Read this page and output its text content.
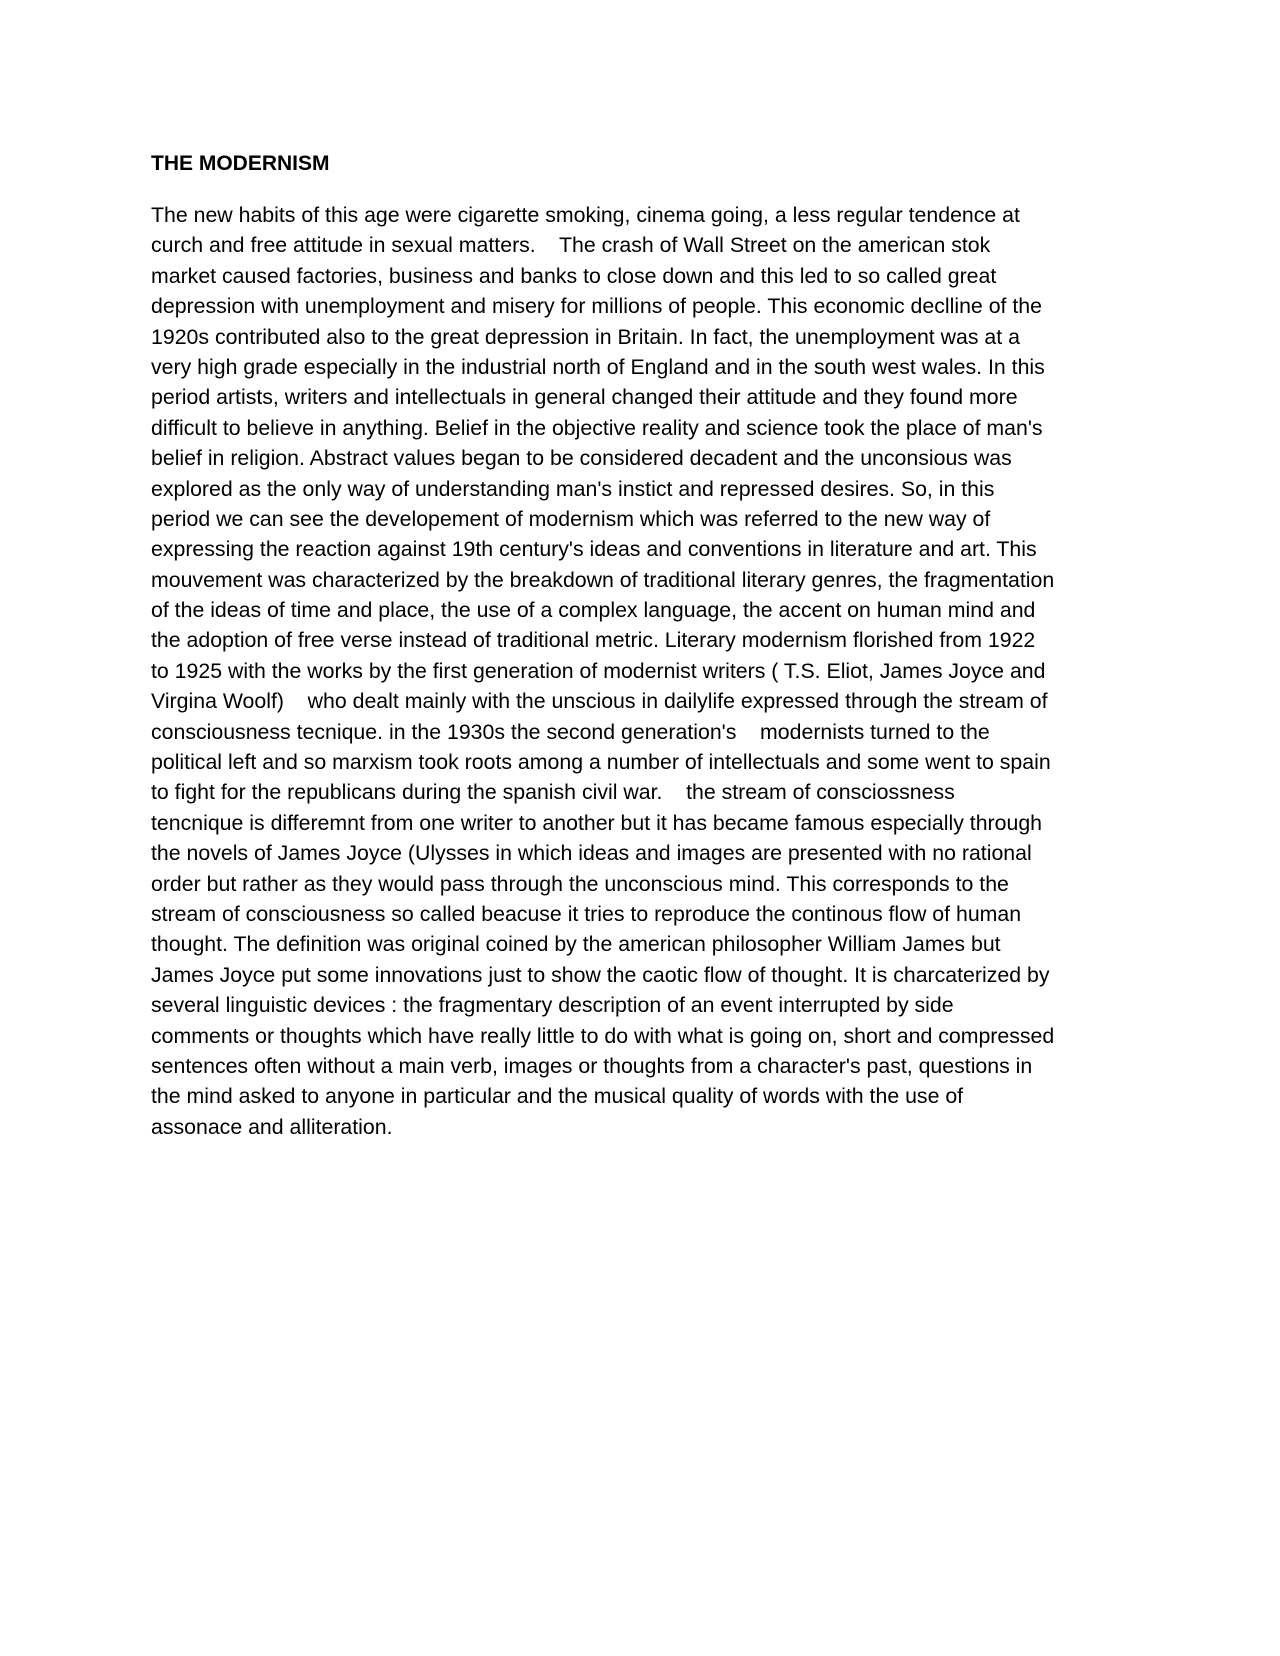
THE MODERNISM
The new habits of this age were cigarette smoking, cinema going, a less regular tendence at
curch and free attitude in sexual matters.    The crash of Wall Street on the american stok
market caused factories, business and banks to close down and this led to so called great
depression with unemployment and misery for millions of people. This economic declline of the
1920s contributed also to the great depression in Britain. In fact, the unemployment was at a
very high grade especially in the industrial north of England and in the south west wales. In this
period artists, writers and intellectuals in general changed their attitude and they found more
difficult to believe in anything. Belief in the objective reality and science took the place of man's
belief in religion. Abstract values began to be considered decadent and the unconsious was
explored as the only way of understanding man's instict and repressed desires. So, in this
period we can see the developement of modernism which was referred to the new way of
expressing the reaction against 19th century's ideas and conventions in literature and art. This
mouvement was characterized by the breakdown of traditional literary genres, the fragmentation
of the ideas of time and place, the use of a complex language, the accent on human mind and
the adoption of free verse instead of traditional metric. Literary modernism florished from 1922
to 1925 with the works by the first generation of modernist writers ( T.S. Eliot, James Joyce and
Virgina Woolf)    who dealt mainly with the unscious in dailylife expressed through the stream of
consciousness tecnique. in the 1930s the second generation's    modernists turned to the
political left and so marxism took roots among a number of intellectuals and some went to spain
to fight for the republicans during the spanish civil war.    the stream of consciossness
tencnique is differemnt from one writer to another but it has became famous especially through
the novels of James Joyce (Ulysses in which ideas and images are presented with no rational
order but rather as they would pass through the unconscious mind. This corresponds to the
stream of consciousness so called beacuse it tries to reproduce the continous flow of human
thought. The definition was original coined by the american philosopher William James but
James Joyce put some innovations just to show the caotic flow of thought. It is charcaterized by
several linguistic devices : the fragmentary description of an event interrupted by side
comments or thoughts which have really little to do with what is going on, short and compressed
sentences often without a main verb, images or thoughts from a character's past, questions in
the mind asked to anyone in particular and the musical quality of words with the use of
assonace and alliteration.
